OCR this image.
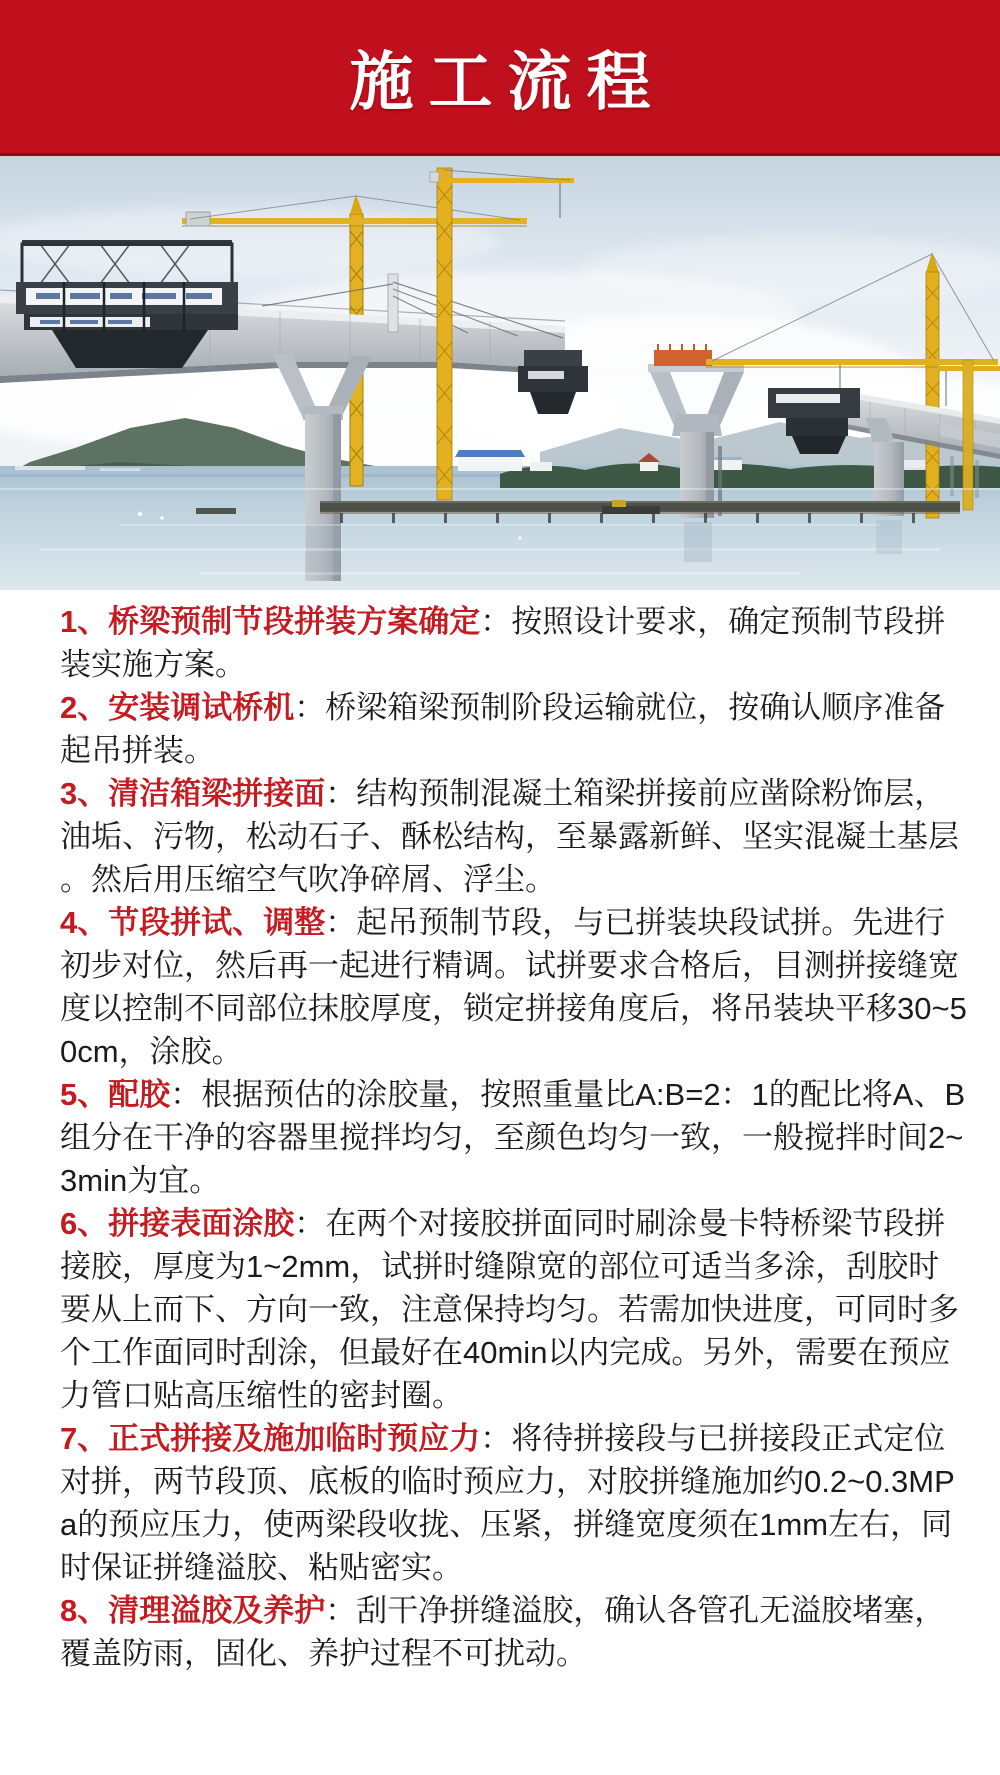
施工流程

1、桥梁预制节段拼装方案确定：按照设计要求，确定预制节段拼装实施方案。

2、安装调试桥机：桥梁箱梁预制阶段运输就位，按确认顺序准备起吊拼装。

3、清洁箱梁拼接面：结构预制混凝土箱梁拼接前应凿除粉饰层，油垢、污物，松动石子、酥松结构，至暴露新鲜、坚实混凝土基层。然后用压缩空气吹净碎屑、浮尘。

4、节段拼试、调整：起吊预制节段，与已拼装块段试拼。先进行初步对位，然后再一起进行精调。试拼要求合格后，目测拼接缝宽度以控制不同部位抹胶厚度，锁定拼接角度后，将吊装块平移30~50cm，涂胶。

5、配胶：根据预估的涂胶量，按照重量比A:B=2：1的配比将A、B组分在干净的容器里搅拌均匀，至颜色均匀一致，一般搅拌时间2~3min为宜。

6、拼接表面涂胶：在两个对接胶拼面同时刷涂曼卡特桥梁节段拼接胶，厚度为1~2mm，试拼时缝隙宽的部位可适当多涂，刮胶时要从上而下、方向一致，注意保持均匀。若需加快进度，可同时多个工作面同时刮涂，但最好在40min以内完成。另外，需要在预应力管口贴高压缩性的密封圈。

7、正式拼接及施加临时预应力：将待拼接段与已拼接段正式定位对拼，两节段顶、底板的临时预应力，对胶拼缝施加约0.2~0.3MPa的预应压力，使两梁段收拢、压紧，拼缝宽度须在1mm左右，同时保证拼缝溢胶、粘贴密实。

8、清理溢胶及养护：刮干净拼缝溢胶，确认各管孔无溢胶堵塞，覆盖防雨，固化、养护过程不可扰动。
